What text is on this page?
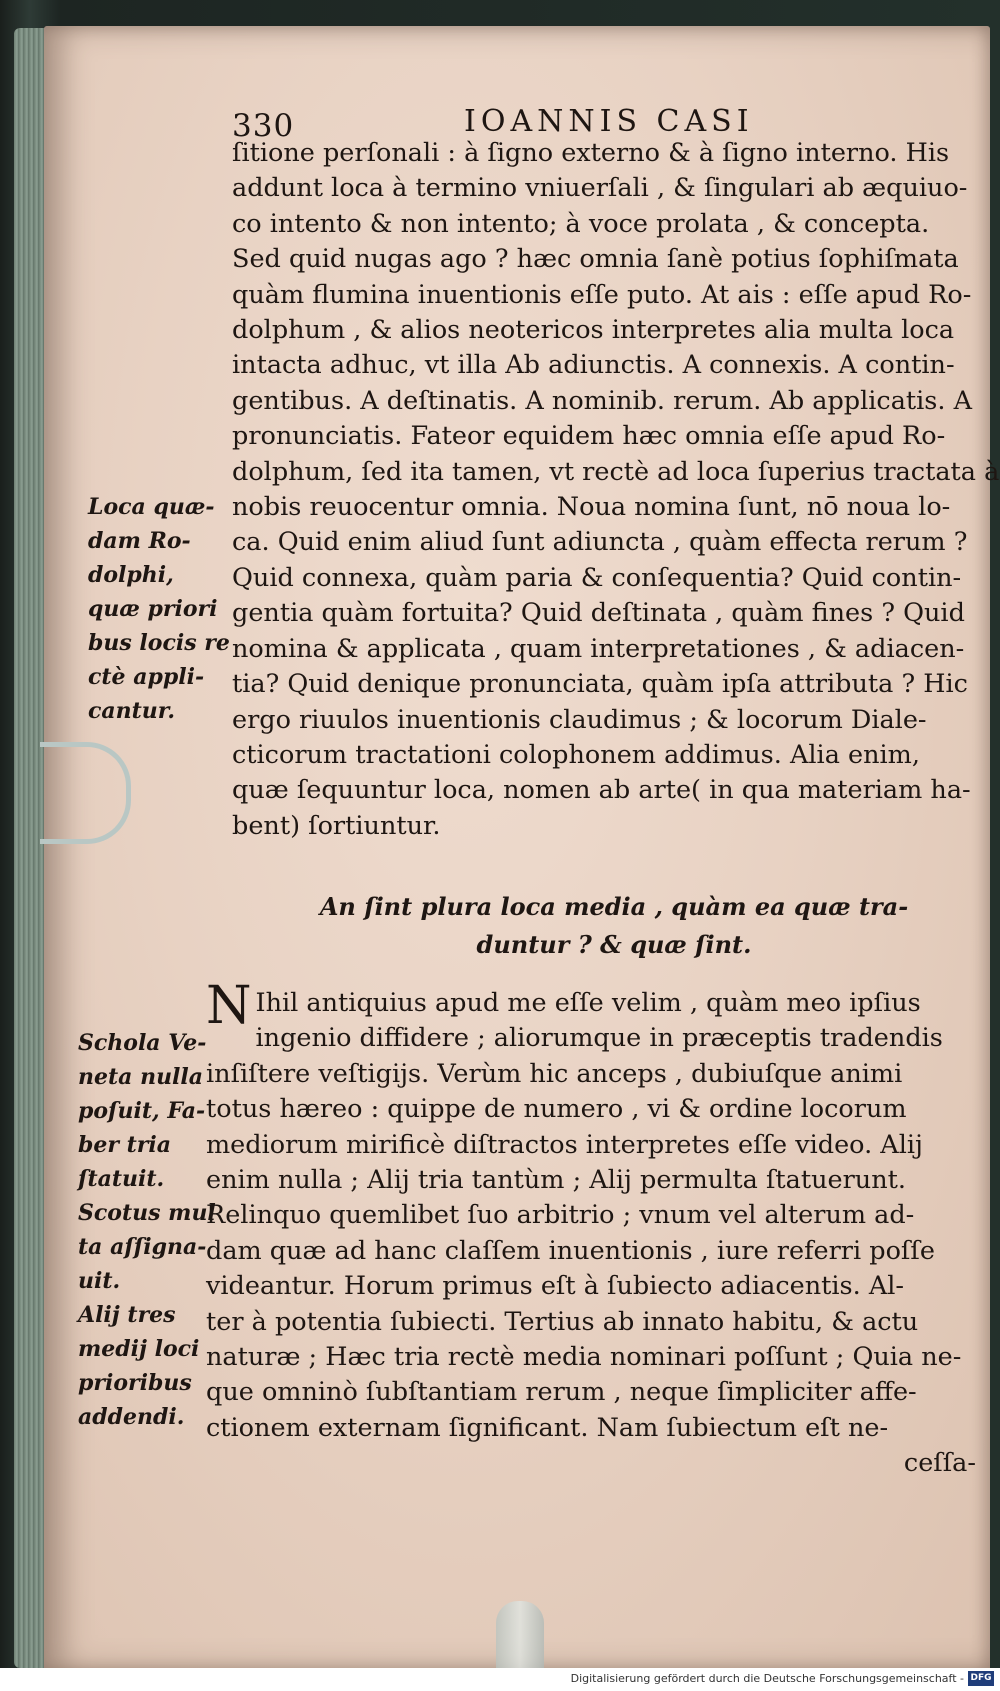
330	IOANNIS CASI

ſitione perſonali : à ſigno externo & à ſigno interno. His

addunt loca à termino vniuerſali , & ſingulari ab æquiuo-

co intento & non intento; à voce prolata , & concepta.

Sed quid nugas ago ? hæc omnia ſanè potius ſophiſmata

quàm flumina inuentionis eſſe puto. At ais : eſſe apud Ro-

dolphum , & alios neotericos interpretes alia multa loca

intacta adhuc, vt illa Ab adiunctis. A connexis. A contin-

gentibus. A deſtinatis. A nominib. rerum. Ab applicatis. A

pronunciatis. Fateor equidem hæc omnia eſſe apud Ro-

dolphum, ſed ita tamen, vt rectè ad loca ſuperius tractata à

nobis reuocentur omnia. Noua nomina ſunt, nō noua lo-

ca. Quid enim aliud ſunt adiuncta , quàm effecta rerum ?

Quid connexa, quàm paria & conſequentia? Quid contin-

gentia quàm fortuita? Quid deſtinata , quàm fines ? Quid

nomina & applicata , quam interpretationes , & adiacen-

tia? Quid denique pronunciata, quàm ipſa attributa ? Hic

ergo riuulos inuentionis claudimus ; & locorum Diale-

cticorum tractationi colophonem addimus. Alia enim,

quæ ſequuntur loca, nomen ab arte( in qua materiam ha-

bent) ſortiuntur.

Loca quæ-

dam Ro-

dolphi,

quæ priori

bus locis re

ctè appli-

cantur.

An ſint plura loca media , quàm ea quæ tra-

duntur ? & quæ ſint.

N Ihil antiquius apud me eſſe velim , quàm meo ipſius

ingenio diffidere ; aliorumque in præceptis tradendis

inſiſtere veſtigijs. Verùm hic anceps , dubiuſque animi

totus hæreo : quippe de numero , vi & ordine locorum

mediorum mirificè diſtractos interpretes eſſe video. Alij

enim nulla ; Alij tria tantùm ; Alij permulta ſtatuerunt.

Relinquo quemlibet ſuo arbitrio ; vnum vel alterum ad-

dam quæ ad hanc claſſem inuentionis , iure referri poſſe

videantur. Horum primus eſt à ſubiecto adiacentis. Al-

ter à potentia ſubiecti. Tertius ab innato habitu, & actu

naturæ ; Hæc tria rectè media nominari poſſunt ; Quia ne-

que omninò ſubſtantiam rerum , neque ſimpliciter affe-

ctionem externam ſignificant. Nam ſubiectum eſt ne-

ceſſa-

Schola Ve-

neta nulla

poſuit, Fa-

ber tria

ſtatuit.

Scotus mul

ta aſſigna-

uit.

Alij tres

medij loci

prioribus

addendi.

Digitalisierung gefördert durch die Deutsche Forschungsgemeinschaft - DFG
